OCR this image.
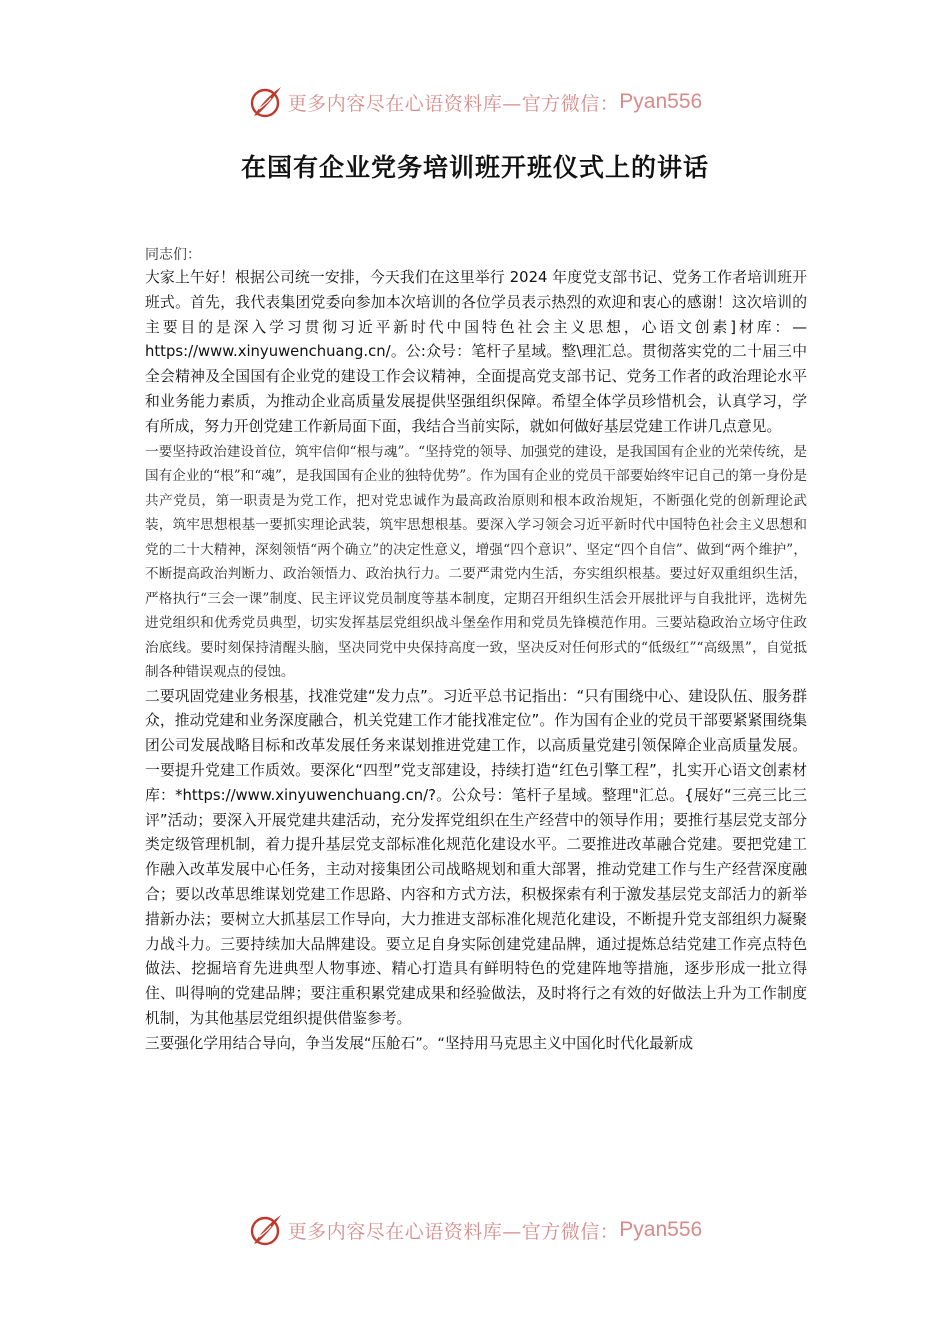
更多内容尽在心语资料库—官方微信： Pyan556
在国有企业党务培训班开班仪式上的讲话

同志们：

大家上午好！根据公司统一安排，今天我们在这里举行 2024 年度党支部书记、党务工作者培训班开班式。首先，我代表集团党委向参加本次培训的各位学员表示热烈的欢迎和衷心的感谢！这次培训的主要目的是深入学习贯彻习近平新时代中国特色社会主义思想，心语文创素]材库：—https://www.xinyuwenchuang.cn/。公:众号：笔杆子星域。整\理汇总。贯彻落实党的二十届三中全会精神及全国国有企业党的建设工作会议精神，全面提高党支部书记、党务工作者的政治理论水平和业务能力素质，为推动企业高质量发展提供坚强组织保障。希望全体学员珍惜机会，认真学习，学有所成，努力开创党建工作新局面下面，我结合当前实际，就如何做好基层党建工作讲几点意见。

一要坚持政治建设首位，筑牢信仰“根与魂”。“坚持党的领导、加强党的建设，是我国国有企业的光荣传统，是国有企业的“根”和“魂”，是我国国有企业的独特优势”。作为国有企业的党员干部要始终牢记自己的第一身份是共产党员，第一职责是为党工作，把对党忠诚作为最高政治原则和根本政治规矩，不断强化党的创新理论武装，筑牢思想根基一要抓实理论武装，筑牢思想根基。要深入学习领会习近平新时代中国特色社会主义思想和党的二十大精神，深刻领悟“两个确立”的决定性意义，增强“四个意识”、坚定“四个自信”、做到“两个维护”，不断提高政治判断力、政治领悟力、政治执行力。二要严肃党内生活，夯实组织根基。要过好双重组织生活，严格执行“三会一课”制度、民主评议党员制度等基本制度，定期召开组织生活会开展批评与自我批评，选树先进党组织和优秀党员典型，切实发挥基层党组织战斗堡垒作用和党员先锋模范作用。三要站稳政治立场守住政治底线。要时刻保持清醒头脑，坚决同党中央保持高度一致，坚决反对任何形式的“低级红”“高级黑”，自觉抵制各种错误观点的侵蚀。

二要巩固党建业务根基，找准党建“发力点”。习近平总书记指出：“只有围绕中心、建设队伍、服务群众，推动党建和业务深度融合，机关党建工作才能找准定位”。作为国有企业的党员干部要紧紧围绕集团公司发展战略目标和改革发展任务来谋划推进党建工作，以高质量党建引领保障企业高质量发展。一要提升党建工作质效。要深化“四型”党支部建设，持续打造“红色引擎工程”，扎实开心语文创素材库：*https://www.xinyuwenchuang.cn/?。公众号：笔杆子星域。整理"汇总。{展好“三亮三比三评”活动；要深入开展党建共建活动，充分发挥党组织在生产经营中的领导作用；要推行基层党支部分类定级管理机制，着力提升基层党支部标准化规范化建设水平。二要推进改革融合党建。要把党建工作融入改革发展中心任务，主动对接集团公司战略规划和重大部署，推动党建工作与生产经营深度融合；要以改革思维谋划党建工作思路、内容和方式方法，积极探索有利于激发基层党支部活力的新举措新办法；要树立大抓基层工作导向，大力推进支部标准化规范化建设，不断提升党支部组织力凝聚力战斗力。三要持续加大品牌建设。要立足自身实际创建党建品牌，通过提炼总结党建工作亮点特色做法、挖掘培育先进典型人物事迹、精心打造具有鲜明特色的党建阵地等措施，逐步形成一批立得住、叫得响的党建品牌；要注重积累党建成果和经验做法，及时将行之有效的好做法上升为工作制度机制，为其他基层党组织提供借鉴参考。

三要强化学用结合导向，争当发展“压舱石”。“坚持用马克思主义中国化时代化最新成

更多内容尽在心语资料库—官方微信： Pyan556
